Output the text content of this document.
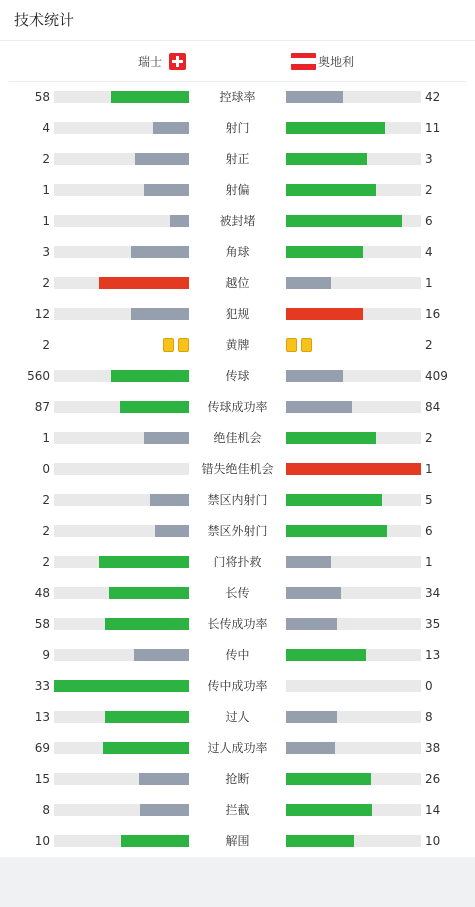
技术统计
瑞士	奥地利
58	控球率	42
4	射门	11
2	射正	3
1	射偏	2
1	被封堵	6
3	角球	4
2	越位	1
12	犯规	16
2	黄牌	2
560	传球	409
87	传球成功率	84
1	绝佳机会	2
0	错失绝佳机会	1
2	禁区内射门	5
2	禁区外射门	6
2	门将扑救	1
48	长传	34
58	长传成功率	35
9	传中	13
33	传中成功率	0
13	过人	8
69	过人成功率	38
15	抢断	26
8	拦截	14
10	解围	10
